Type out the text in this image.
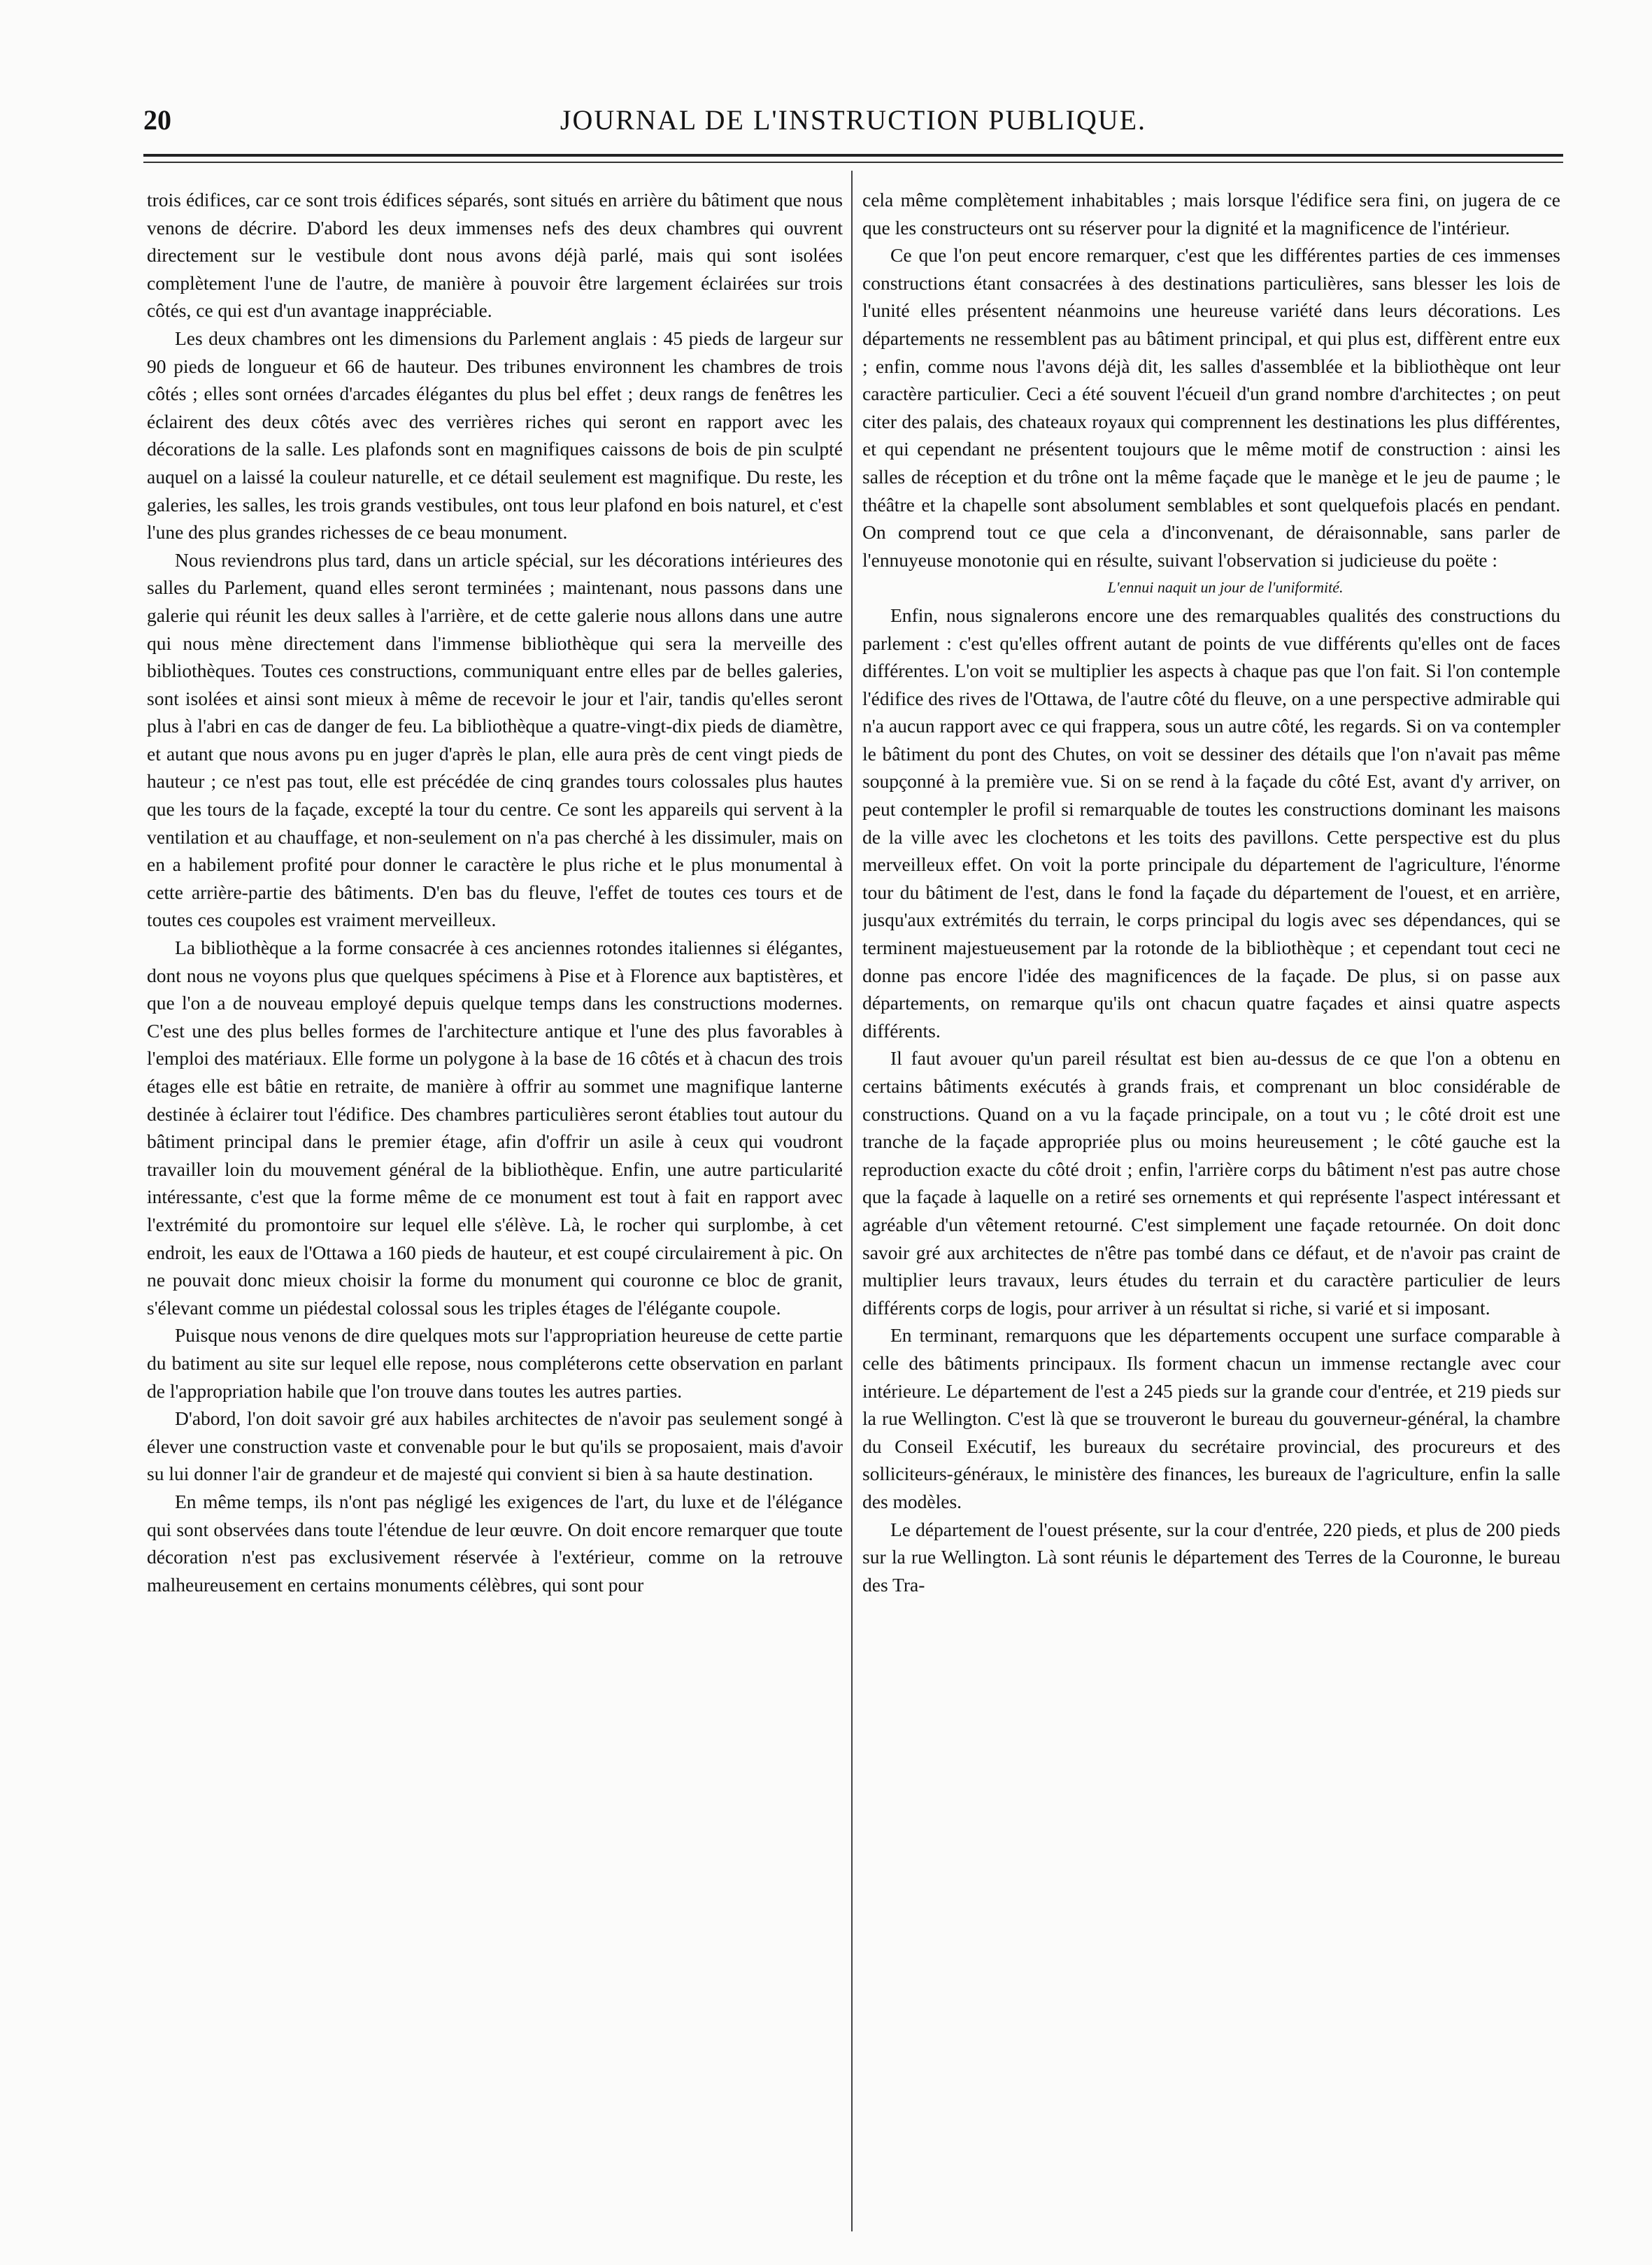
20	JOURNAL DE L'INSTRUCTION PUBLIQUE.

trois édifices, car ce sont trois édifices séparés, sont situés en arrière du bâtiment que nous venons de décrire. D'abord les deux immenses nefs des deux chambres qui ouvrent directement sur le vestibule dont nous avons déjà parlé, mais qui sont isolées complètement l'une de l'autre, de manière à pouvoir être largement éclairées sur trois côtés, ce qui est d'un avantage inappréciable.

Les deux chambres ont les dimensions du Parlement anglais : 45 pieds de largeur sur 90 pieds de longueur et 66 de hauteur. Des tribunes environnent les chambres de trois côtés ; elles sont ornées d'arcades élégantes du plus bel effet ; deux rangs de fenêtres les éclairent des deux côtés avec des verrières riches qui seront en rapport avec les décorations de la salle. Les plafonds sont en magnifiques caissons de bois de pin sculpté auquel on a laissé la couleur naturelle, et ce détail seulement est magnifique. Du reste, les galeries, les salles, les trois grands vestibules, ont tous leur plafond en bois naturel, et c'est l'une des plus grandes richesses de ce beau monument.

Nous reviendrons plus tard, dans un article spécial, sur les décorations intérieures des salles du Parlement, quand elles seront terminées ; maintenant, nous passons dans une galerie qui réunit les deux salles à l'arrière, et de cette galerie nous allons dans une autre qui nous mène directement dans l'immense bibliothèque qui sera la merveille des bibliothèques. Toutes ces constructions, communiquant entre elles par de belles galeries, sont isolées et ainsi sont mieux à même de recevoir le jour et l'air, tandis qu'elles seront plus à l'abri en cas de danger de feu. La bibliothèque a quatre-vingt-dix pieds de diamètre, et autant que nous avons pu en juger d'après le plan, elle aura près de cent vingt pieds de hauteur ; ce n'est pas tout, elle est précédée de cinq grandes tours colossales plus hautes que les tours de la façade, excepté la tour du centre. Ce sont les appareils qui servent à la ventilation et au chauffage, et non-seulement on n'a pas cherché à les dissimuler, mais on en a habilement profité pour donner le caractère le plus riche et le plus monumental à cette arrière-partie des bâtiments. D'en bas du fleuve, l'effet de toutes ces tours et de toutes ces coupoles est vraiment merveilleux.

La bibliothèque a la forme consacrée à ces anciennes rotondes italiennes si élégantes, dont nous ne voyons plus que quelques spécimens à Pise et à Florence aux baptistères, et que l'on a de nouveau employé depuis quelque temps dans les constructions modernes. C'est une des plus belles formes de l'architecture antique et l'une des plus favorables à l'emploi des matériaux. Elle forme un polygone à la base de 16 côtés et à chacun des trois étages elle est bâtie en retraite, de manière à offrir au sommet une magnifique lanterne destinée à éclairer tout l'édifice. Des chambres particulières seront établies tout autour du bâtiment principal dans le premier étage, afin d'offrir un asile à ceux qui voudront travailler loin du mouvement général de la bibliothèque. Enfin, une autre particularité intéressante, c'est que la forme même de ce monument est tout à fait en rapport avec l'extrémité du promontoire sur lequel elle s'élève. Là, le rocher qui surplombe, à cet endroit, les eaux de l'Ottawa a 160 pieds de hauteur, et est coupé circulairement à pic. On ne pouvait donc mieux choisir la forme du monument qui couronne ce bloc de granit, s'élevant comme un piédestal colossal sous les triples étages de l'élégante coupole.

Puisque nous venons de dire quelques mots sur l'appropriation heureuse de cette partie du batiment au site sur lequel elle repose, nous compléterons cette observation en parlant de l'appropriation habile que l'on trouve dans toutes les autres parties.

D'abord, l'on doit savoir gré aux habiles architectes de n'avoir pas seulement songé à élever une construction vaste et convenable pour le but qu'ils se proposaient, mais d'avoir su lui donner l'air de grandeur et de majesté qui convient si bien à sa haute destination.

En même temps, ils n'ont pas négligé les exigences de l'art, du luxe et de l'élégance qui sont observées dans toute l'étendue de leur œuvre. On doit encore remarquer que toute décoration n'est pas exclusivement réservée à l'extérieur, comme on la retrouve malheureusement en certains monuments célèbres, qui sont pour

cela même complètement inhabitables ; mais lorsque l'édifice sera fini, on jugera de ce que les constructeurs ont su réserver pour la dignité et la magnificence de l'intérieur.

Ce que l'on peut encore remarquer, c'est que les différentes parties de ces immenses constructions étant consacrées à des destinations particulières, sans blesser les lois de l'unité elles présentent néanmoins une heureuse variété dans leurs décorations. Les départements ne ressemblent pas au bâtiment principal, et qui plus est, diffèrent entre eux ; enfin, comme nous l'avons déjà dit, les salles d'assemblée et la bibliothèque ont leur caractère particulier. Ceci a été souvent l'écueil d'un grand nombre d'architectes ; on peut citer des palais, des chateaux royaux qui comprennent les destinations les plus différentes, et qui cependant ne présentent toujours que le même motif de construction : ainsi les salles de réception et du trône ont la même façade que le manège et le jeu de paume ; le théâtre et la chapelle sont absolument semblables et sont quelquefois placés en pendant. On comprend tout ce que cela a d'inconvenant, de déraisonnable, sans parler de l'ennuyeuse monotonie qui en résulte, suivant l'observation si judicieuse du poëte :

L'ennui naquit un jour de l'uniformité.

Enfin, nous signalerons encore une des remarquables qualités des constructions du parlement : c'est qu'elles offrent autant de points de vue différents qu'elles ont de faces différentes. L'on voit se multiplier les aspects à chaque pas que l'on fait. Si l'on contemple l'édifice des rives de l'Ottawa, de l'autre côté du fleuve, on a une perspective admirable qui n'a aucun rapport avec ce qui frappera, sous un autre côté, les regards. Si on va contempler le bâtiment du pont des Chutes, on voit se dessiner des détails que l'on n'avait pas même soupçonné à la première vue. Si on se rend à la façade du côté Est, avant d'y arriver, on peut contempler le profil si remarquable de toutes les constructions dominant les maisons de la ville avec les clochetons et les toits des pavillons. Cette perspective est du plus merveilleux effet. On voit la porte principale du département de l'agriculture, l'énorme tour du bâtiment de l'est, dans le fond la façade du département de l'ouest, et en arrière, jusqu'aux extrémités du terrain, le corps principal du logis avec ses dépendances, qui se terminent majestueusement par la rotonde de la bibliothèque ; et cependant tout ceci ne donne pas encore l'idée des magnificences de la façade. De plus, si on passe aux départements, on remarque qu'ils ont chacun quatre façades et ainsi quatre aspects différents.

Il faut avouer qu'un pareil résultat est bien au-dessus de ce que l'on a obtenu en certains bâtiments exécutés à grands frais, et comprenant un bloc considérable de constructions. Quand on a vu la façade principale, on a tout vu ; le côté droit est une tranche de la façade appropriée plus ou moins heureusement ; le côté gauche est la reproduction exacte du côté droit ; enfin, l'arrière corps du bâtiment n'est pas autre chose que la façade à laquelle on a retiré ses ornements et qui représente l'aspect intéressant et agréable d'un vêtement retourné. C'est simplement une façade retournée. On doit donc savoir gré aux architectes de n'être pas tombé dans ce défaut, et de n'avoir pas craint de multiplier leurs travaux, leurs études du terrain et du caractère particulier de leurs différents corps de logis, pour arriver à un résultat si riche, si varié et si imposant.

En terminant, remarquons que les départements occupent une surface comparable à celle des bâtiments principaux. Ils forment chacun un immense rectangle avec cour intérieure. Le département de l'est a 245 pieds sur la grande cour d'entrée, et 219 pieds sur la rue Wellington. C'est là que se trouveront le bureau du gouverneur-général, la chambre du Conseil Exécutif, les bureaux du secrétaire provincial, des procureurs et des solliciteurs-généraux, le ministère des finances, les bureaux de l'agriculture, enfin la salle des modèles.

Le département de l'ouest présente, sur la cour d'entrée, 220 pieds, et plus de 200 pieds sur la rue Wellington. Là sont réunis le département des Terres de la Couronne, le bureau des Tra-
